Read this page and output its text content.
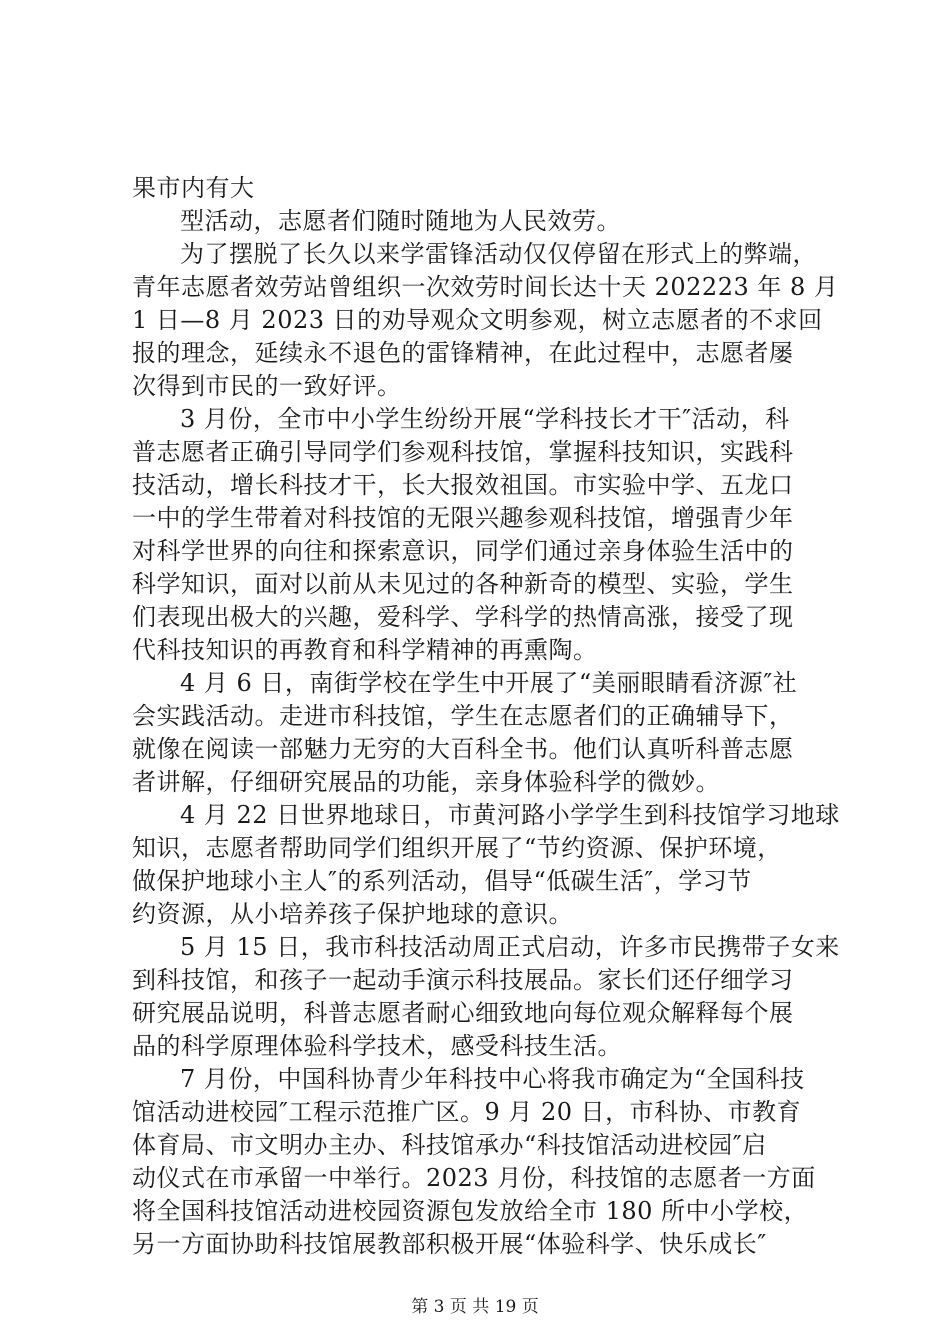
果市内有大
型活动，志愿者们随时随地为人民效劳。
为了摆脱了长久以来学雷锋活动仅仅停留在形式上的弊端，
青年志愿者效劳站曾组织一次效劳时间长达十天 202223 年 8 月
1 日—8 月 2023 日的劝导观众文明参观，树立志愿者的不求回
报的理念，延续永不退色的雷锋精神，在此过程中，志愿者屡
次得到市民的一致好评。
3 月份，全市中小学生纷纷开展“学科技长才干″活动，科
普志愿者正确引导同学们参观科技馆，掌握科技知识，实践科
技活动，增长科技才干，长大报效祖国。市实验中学、五龙口
一中的学生带着对科技馆的无限兴趣参观科技馆，增强青少年
对科学世界的向往和探索意识，同学们通过亲身体验生活中的
科学知识，面对以前从未见过的各种新奇的模型、实验，学生
们表现出极大的兴趣，爱科学、学科学的热情高涨，接受了现
代科技知识的再教育和科学精神的再熏陶。
4 月 6 日，南街学校在学生中开展了“美丽眼睛看济源″社
会实践活动。走进市科技馆，学生在志愿者们的正确辅导下，
就像在阅读一部魅力无穷的大百科全书。他们认真听科普志愿
者讲解，仔细研究展品的功能，亲身体验科学的微妙。
4 月 22 日世界地球日，市黄河路小学学生到科技馆学习地球
知识，志愿者帮助同学们组织开展了“节约资源、保护环境，
做保护地球小主人″的系列活动，倡导“低碳生活″，学习节
约资源，从小培养孩子保护地球的意识。
5 月 15 日，我市科技活动周正式启动，许多市民携带子女来
到科技馆，和孩子一起动手演示科技展品。家长们还仔细学习
研究展品说明，科普志愿者耐心细致地向每位观众解释每个展
品的科学原理体验科学技术，感受科技生活。
7 月份，中国科协青少年科技中心将我市确定为“全国科技
馆活动进校园″工程示范推广区。9 月 20 日，市科协、市教育
体育局、市文明办主办、科技馆承办“科技馆活动进校园″启
动仪式在市承留一中举行。2023 月份，科技馆的志愿者一方面
将全国科技馆活动进校园资源包发放给全市 180 所中小学校，
另一方面协助科技馆展教部积极开展“体验科学、快乐成长″
第 3 页 共 19 页
